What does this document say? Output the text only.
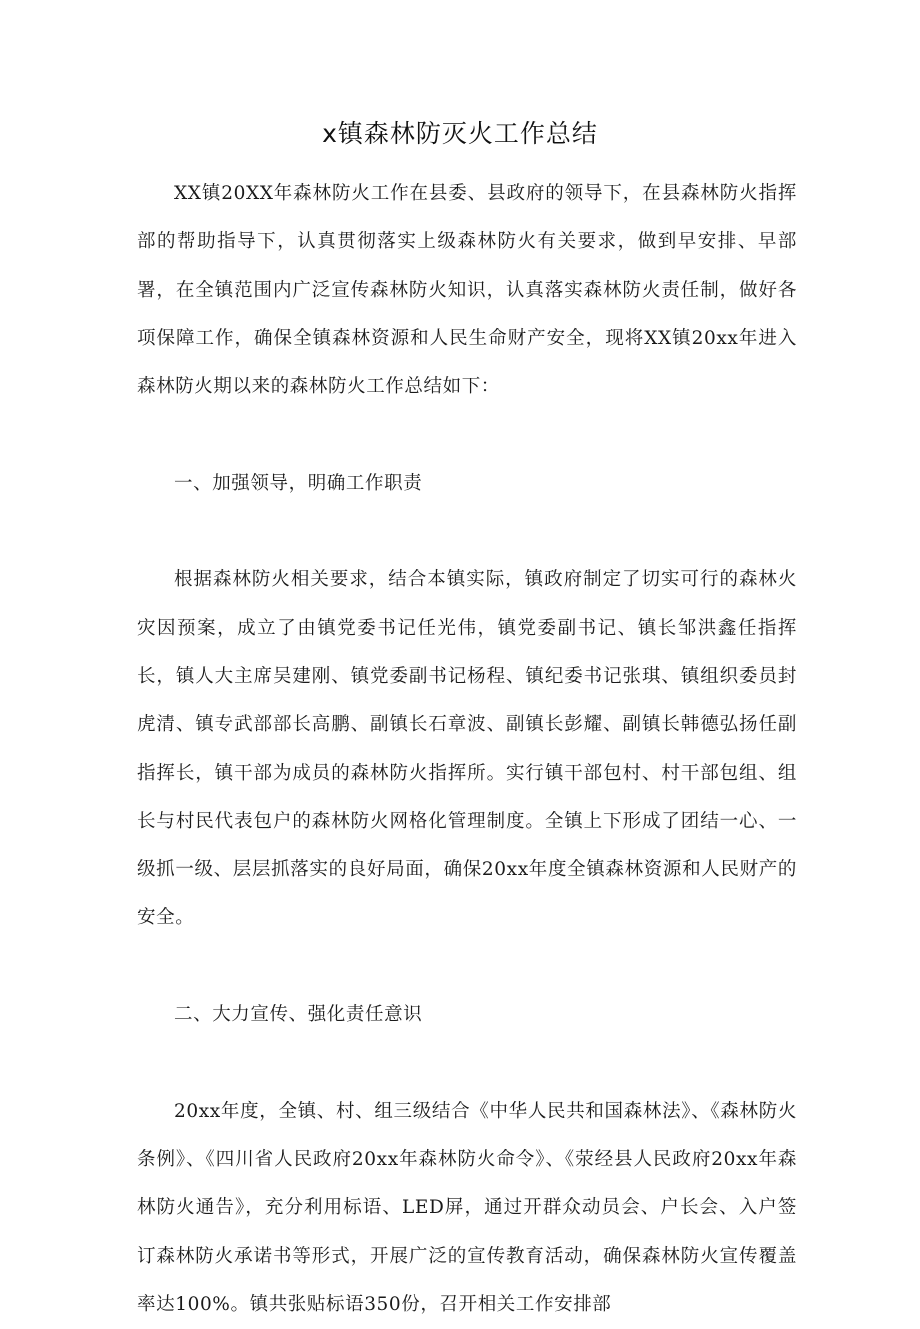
x镇森林防灭火工作总结

XX镇20XX年森林防火工作在县委、县政府的领导下，在县森林防火指挥部的帮助指导下，认真贯彻落实上级森林防火有关要求，做到早安排、早部署，在全镇范围内广泛宣传森林防火知识，认真落实森林防火责任制，做好各项保障工作，确保全镇森林资源和人民生命财产安全，现将XX镇20xx年进入森林防火期以来的森林防火工作总结如下：

一、加强领导，明确工作职责

根据森林防火相关要求，结合本镇实际，镇政府制定了切实可行的森林火灾因预案，成立了由镇党委书记任光伟，镇党委副书记、镇长邹洪鑫任指挥长，镇人大主席吴建刚、镇党委副书记杨程、镇纪委书记张琪、镇组织委员封虎清、镇专武部部长高鹏、副镇长石章波、副镇长彭耀、副镇长韩德弘扬任副指挥长，镇干部为成员的森林防火指挥所。实行镇干部包村、村干部包组、组长与村民代表包户的森林防火网格化管理制度。全镇上下形成了团结一心、一级抓一级、层层抓落实的良好局面，确保20xx年度全镇森林资源和人民财产的安全。

二、大力宣传、强化责任意识

20xx年度，全镇、村、组三级结合《中华人民共和国森林法》、《森林防火条例》、《四川省人民政府20xx年森林防火命令》、《荥经县人民政府20xx年森林防火通告》，充分利用标语、LED屏，通过开群众动员会、户长会、入户签订森林防火承诺书等形式，开展广泛的宣传教育活动，确保森林防火宣传覆盖率达100%。镇共张贴标语350份，召开相关工作安排部
